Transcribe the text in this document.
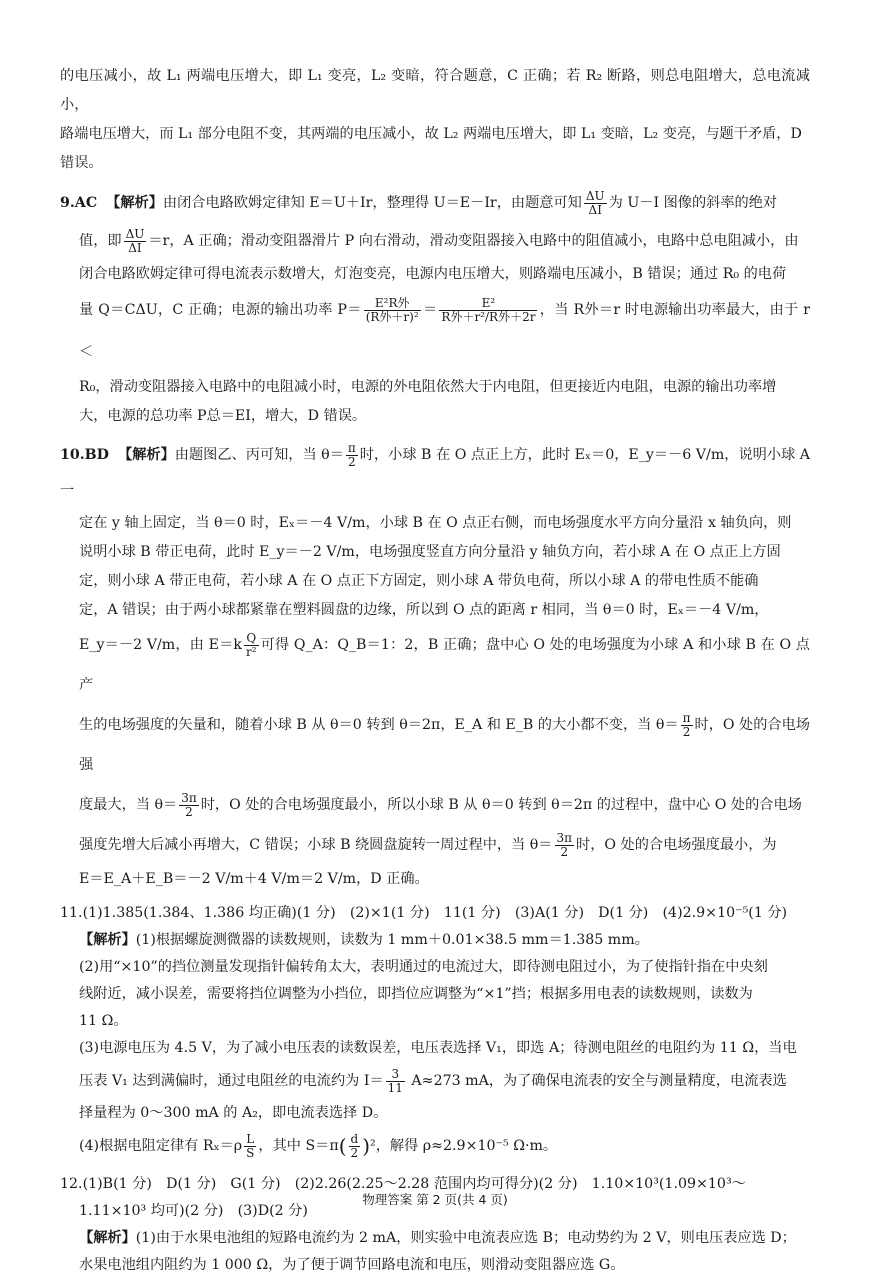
的电压减小，故 L₁ 两端电压增大，即 L₁ 变亮，L₂ 变暗，符合题意，C 正确；若 R₂ 断路，则总电阻增大，总电流减小，

路端电压增大，而 L₁ 部分电阻不变，其两端的电压减小，故 L₂ 两端电压增大，即 L₁ 变暗，L₂ 变亮，与题干矛盾，D

错误。

9.AC 【解析】由闭合电路欧姆定律知 E＝U＋Ir，整理得 U＝E－Ir，由题意可知 $\frac{\Delta U}{\Delta I}$ 为 U－I 图像的斜率的绝对

值，即 $\frac{\Delta U}{\Delta I} =r$，A 正确；滑动变阻器滑片 P 向右滑动，滑动变阻器接入电路中的阻值减小，电路中总电阻减小，由

闭合电路欧姆定律可得电流表示数增大，灯泡变亮，电源内电压增大，则路端电压减小，B 错误；通过 R₀ 的电荷

量 Q＝CΔU，C 正确；电源的输出功率 $P= \frac{\text{E²R外}}{\text{(R外＋r)²}} = \frac{\text{E²}}{\text{R外＋r²/R外＋2r}}$ ，当 R外＝r 时电源输出功率最大，由于 r＜

R₀，滑动变阻器接入电路中的电阻减小时，电源的外电阻依然大于内电阻，但更接近内电阻，电源的输出功率增

大，电源的总功率 P总＝EI，增大，D 错误。

10.BD 【解析】由题图乙、丙可知，当 $\theta= \frac{\pi}{2}$ 时，小球 B 在 O 点正上方，此时 Eₓ＝0，E_y＝－6 V/m，说明小球 A 一

定在 y 轴上固定，当 θ＝0 时，Eₓ＝－4 V/m，小球 B 在 O 点正右侧，而电场强度水平方向分量沿 x 轴负向，则

说明小球 B 带正电荷，此时 E_y＝－2 V/m，电场强度竖直方向分量沿 y 轴负方向，若小球 A 在 O 点正上方固

定，则小球 A 带正电荷，若小球 A 在 O 点正下方固定，则小球 A 带负电荷，所以小球 A 的带电性质不能确

定，A 错误；由于两小球都紧靠在塑料圆盘的边缘，所以到 O 点的距离 r 相同，当 θ＝0 时，Eₓ＝－4 V/m，

E_y＝－2 V/m，由 $E=k \frac{Q}{\text{r²}}$ 可得 Q_A：Q_B＝1：2，B 正确；盘中心 O 处的电场强度为小球 A 和小球 B 在 O 点产

生的电场强度的矢量和，随着小球 B 从 θ＝0 转到 θ＝2π，E_A 和 E_B 的大小都不变，当 $\theta= \frac{\pi}{2}$ 时，O 处的合电场强

度最大，当 $\theta= \frac{3\pi}{2}$ 时，O 处的合电场强度最小，所以小球 B 从 θ＝0 转到 θ＝2π 的过程中，盘中心 O 处的合电场

强度先增大后减小再增大，C 错误；小球 B 绕圆盘旋转一周过程中，当 $\theta= \frac{3\pi}{2}$ 时，O 处的合电场强度最小，为

E＝E_A＋E_B＝－2 V/m＋4 V/m＝2 V/m，D 正确。

11.(1)1.385(1.384、1.386 均正确)(1 分)　(2)×1(1 分)　11(1 分)　(3)A(1 分)　D(1 分)　(4)2.9×10⁻⁵(1 分)

【解析】(1)根据螺旋测微器的读数规则，读数为 1 mm＋0.01×38.5 mm＝1.385 mm。

(2)用“×10”的挡位测量发现指针偏转角太大，表明通过的电流过大，即待测电阻过小，为了使指针指在中央刻

线附近，减小误差，需要将挡位调整为小挡位，即挡位应调整为“×1”挡；根据多用电表的读数规则，读数为

11 Ω。

(3)电源电压为 4.5 V，为了减小电压表的读数误差，电压表选择 V₁，即选 A；待测电阻丝的电阻约为 11 Ω，当电

压表 V₁ 达到满偏时，通过电阻丝的电流约为 $I= \frac{3}{11} A\approx 273$ mA，为了确保电流表的安全与测量精度，电流表选

择量程为 0～300 mA 的 A₂，即电流表选择 D。

(4)根据电阻定律有 $R_x=\rho \frac{L}{S}$ ，其中 $S=\pi( \frac{d}{2} )^2$，解得 ρ≈2.9×10⁻⁵ Ω·m。

12.(1)B(1 分)　D(1 分)　G(1 分)　(2)2.26(2.25～2.28 范围内均可得分)(2 分)　1.10×10³(1.09×10³～

1.11×10³ 均可)(2 分)　(3)D(2 分)

【解析】(1)由于水果电池组的短路电流约为 2 mA，则实验中电流表应选 B；电动势约为 2 V，则电压表应选 D；

水果电池组内阻约为 1 000 Ω，为了便于调节回路电流和电压，则滑动变阻器应选 G。

物理答案 第 2 页(共 4 页)
